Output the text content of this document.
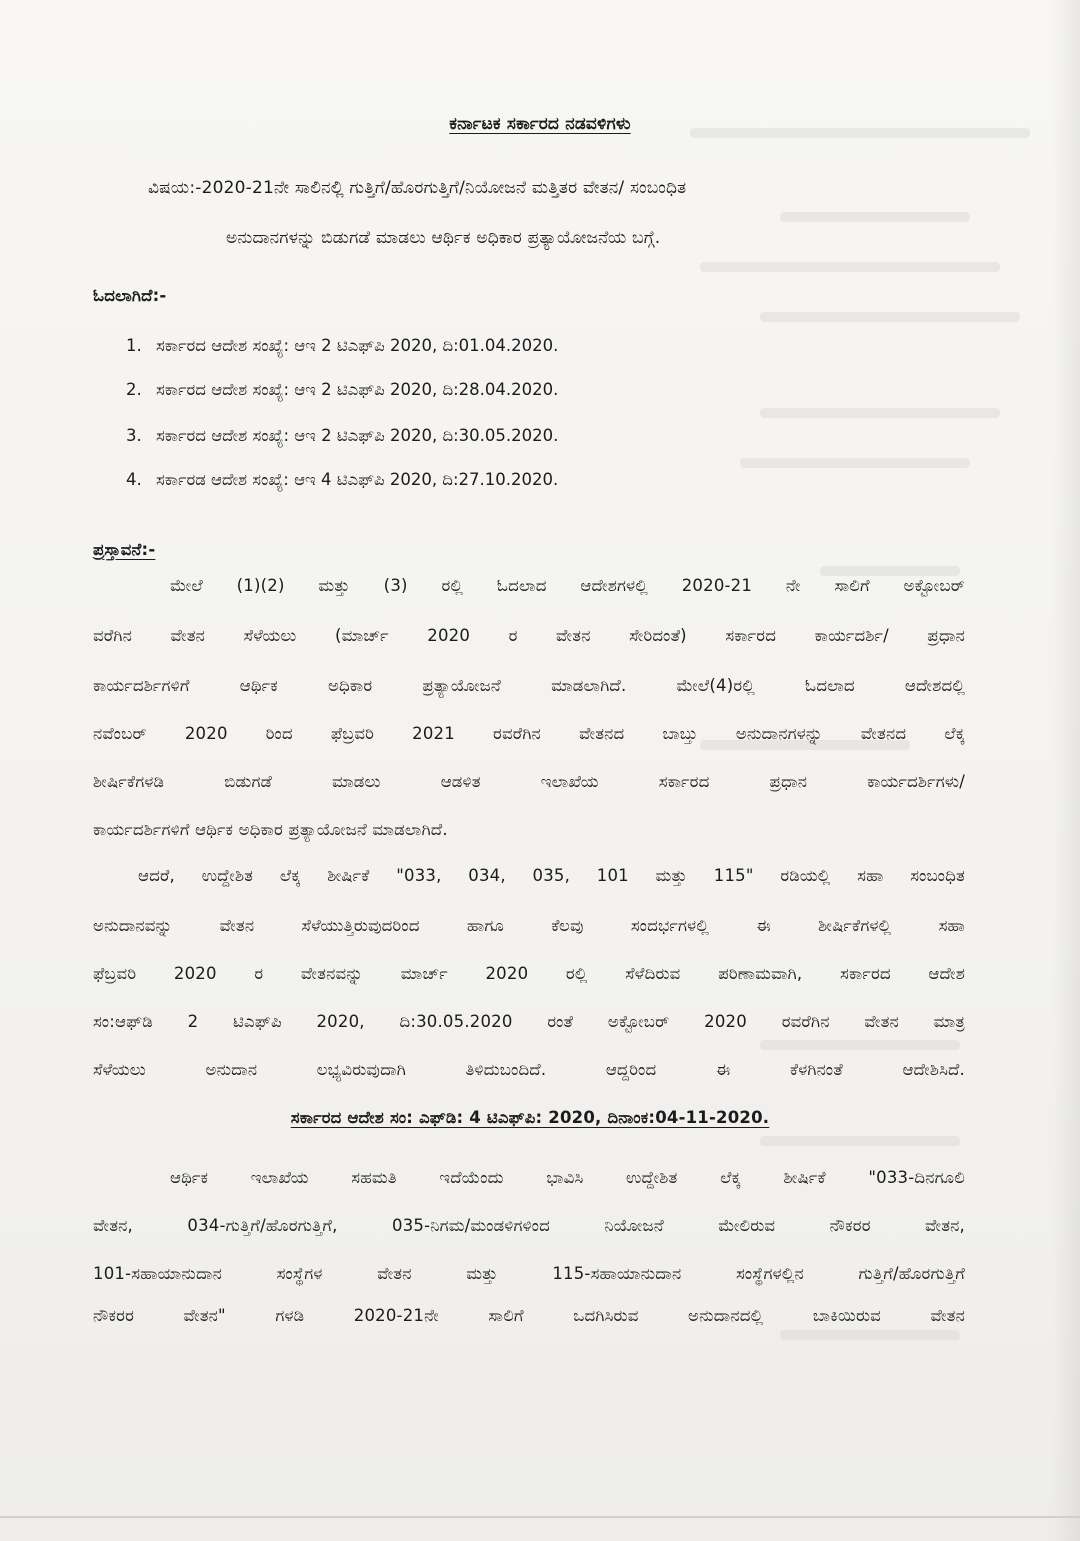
ಕರ್ನಾಟಕ ಸರ್ಕಾರದ ನಡವಳಿಗಳು
ವಿಷಯ:-2020-21ನೇ ಸಾಲಿನಲ್ಲಿ ಗುತ್ತಿಗೆ/ಹೊರಗುತ್ತಿಗೆ/ನಿಯೋಜನೆ ಮತ್ತಿತರ ವೇತನ/ ಸಂಬಂಧಿತ
ಅನುದಾನಗಳನ್ನು ಬಿಡುಗಡೆ ಮಾಡಲು ಆರ್ಥಿಕ ಅಧಿಕಾರ ಪ್ರತ್ಯಾಯೋಜನೆಯ ಬಗ್ಗೆ.
ಓದಲಾಗಿದೆ:-
1. ಸರ್ಕಾರದ ಆದೇಶ ಸಂಖ್ಯೆ: ಆಇ 2 ಟಿಎಫ್‌ಪಿ 2020, ದಿ:01.04.2020.
2. ಸರ್ಕಾರದ ಆದೇಶ ಸಂಖ್ಯೆ: ಆಇ 2 ಟಿಎಫ್‌ಪಿ 2020, ದಿ:28.04.2020.
3. ಸರ್ಕಾರದ ಆದೇಶ ಸಂಖ್ಯೆ: ಆಇ 2 ಟಿಎಫ್‌ಪಿ 2020, ದಿ:30.05.2020.
4. ಸರ್ಕಾರಡ ಆದೇಶ ಸಂಖ್ಯೆ: ಆಇ 4 ಟಿಎಫ್‌ಪಿ 2020, ದಿ:27.10.2020.
ಪ್ರಸ್ತಾವನೆ:-
ಮೇಲೆ (1)(2) ಮತ್ತು (3) ರಲ್ಲಿ ಓದಲಾದ ಆದೇಶಗಳಲ್ಲಿ 2020-21 ನೇ ಸಾಲಿಗೆ ಅಕ್ಟೋಬರ್
ವರೆಗಿನ ವೇತನ ಸೆಳೆಯಲು (ಮಾರ್ಚ್ 2020 ರ ವೇತನ ಸೇರಿದಂತೆ) ಸರ್ಕಾರದ ಕಾರ್ಯದರ್ಶಿ/ ಪ್ರಧಾನ
ಕಾರ್ಯದರ್ಶಿಗಳಿಗೆ ಆರ್ಥಿಕ ಅಧಿಕಾರ ಪ್ರತ್ಯಾಯೋಜನೆ ಮಾಡಲಾಗಿದೆ. ಮೇಲೆ(4)ರಲ್ಲಿ ಓದಲಾದ ಆದೇಶದಲ್ಲಿ
ನವೆಂಬರ್ 2020 ರಿಂದ ಫೆಬ್ರವರಿ 2021 ರವರೆಗಿನ ವೇತನದ ಬಾಬ್ತು ಅನುದಾನಗಳನ್ನು ವೇತನದ ಲೆಕ್ಕ
ಶೀರ್ಷಿಕೆಗಳಡಿ ಬಿಡುಗಡೆ ಮಾಡಲು ಆಡಳಿತ ಇಲಾಖೆಯ ಸರ್ಕಾರದ ಪ್ರಧಾನ ಕಾರ್ಯದರ್ಶಿಗಳು/
ಕಾರ್ಯದರ್ಶಿಗಳಿಗೆ ಆರ್ಥಿಕ ಅಧಿಕಾರ ಪ್ರತ್ಯಾಯೋಜನೆ ಮಾಡಲಾಗಿದೆ.
ಆದರೆ, ಉದ್ದೇಶಿತ ಲೆಕ್ಕ ಶೀರ್ಷಿಕೆ "033, 034, 035, 101 ಮತ್ತು 115" ರಡಿಯಲ್ಲಿ ಸಹಾ ಸಂಬಂಧಿತ
ಅನುದಾನವನ್ನು ವೇತನ ಸೆಳೆಯುತ್ತಿರುವುದರಿಂದ ಹಾಗೂ ಕೆಲವು ಸಂದರ್ಭಗಳಲ್ಲಿ ಈ ಶೀರ್ಷಿಕೆಗಳಲ್ಲಿ ಸಹಾ
ಫೆಬ್ರವರಿ 2020 ರ ವೇತನವನ್ನು ಮಾರ್ಚ್ 2020 ರಲ್ಲಿ ಸೆಳೆದಿರುವ ಪರಿಣಾಮವಾಗಿ, ಸರ್ಕಾರದ ಆದೇಶ
ಸಂ:ಆಫ್‌ಡಿ 2 ಟಿಎಫ್‌ಪಿ 2020, ದಿ:30.05.2020 ರಂತೆ ಅಕ್ಟೋಬರ್ 2020 ರವರೆಗಿನ ವೇತನ ಮಾತ್ರ
ಸೆಳೆಯಲು ಅನುದಾನ ಲಭ್ಯವಿರುವುದಾಗಿ ತಿಳಿದುಬಂದಿದೆ. ಆದ್ದರಿಂದ ಈ ಕೆಳಗಿನಂತೆ ಆದೇಶಿಸಿದೆ.
ಸರ್ಕಾರದ ಆದೇಶ ಸಂ: ಎಫ್‌ಡಿ: 4 ಟಿಎಫ್‌ಪಿ: 2020, ದಿನಾಂಕ:04-11-2020.
ಆರ್ಥಿಕ ಇಲಾಖೆಯ ಸಹಮತಿ ಇದೆಯೆಂದು ಭಾವಿಸಿ ಉದ್ದೇಶಿತ ಲೆಕ್ಕ ಶೀರ್ಷಿಕೆ "033-ದಿನಗೂಲಿ
ವೇತನ, 034-ಗುತ್ತಿಗೆ/ಹೊರಗುತ್ತಿಗೆ, 035-ನಿಗಮ/ಮಂಡಳಿಗಳಿಂದ ನಿಯೋಜನೆ ಮೇಲಿರುವ ನೌಕರರ ವೇತನ,
101-ಸಹಾಯಾನುದಾನ ಸಂಸ್ಥೆಗಳ ವೇತನ ಮತ್ತು 115-ಸಹಾಯಾನುದಾನ ಸಂಸ್ಥೆಗಳಲ್ಲಿನ ಗುತ್ತಿಗೆ/ಹೊರಗುತ್ತಿಗೆ
ನೌಕರರ ವೇತನ" ಗಳಡಿ 2020-21ನೇ ಸಾಲಿಗೆ ಒದಗಿಸಿರುವ ಅನುದಾನದಲ್ಲಿ ಬಾಕಿಯಿರುವ ವೇತನ
